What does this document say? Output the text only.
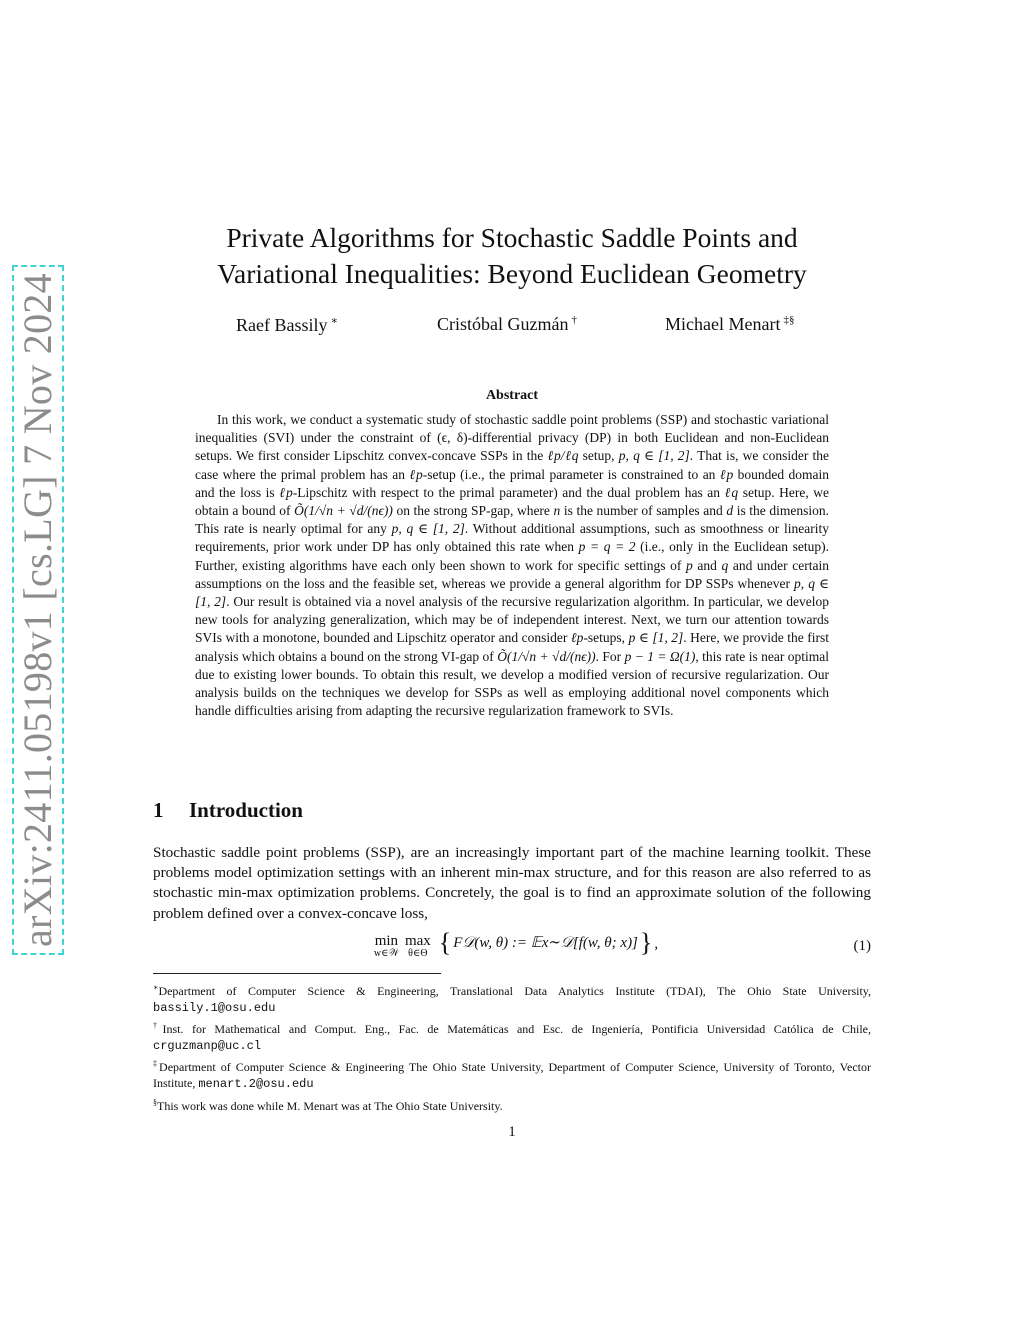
arXiv:2411.05198v1 [cs.LG] 7 Nov 2024
Private Algorithms for Stochastic Saddle Points and
Variational Inequalities: Beyond Euclidean Geometry
Raef Bassily ∗	Cristóbal Guzmán †	Michael Menart ‡§
Abstract

In this work, we conduct a systematic study of stochastic saddle point problems (SSP) and stochastic variational inequalities (SVI) under the constraint of (ϵ, δ)-differential privacy (DP) in both Euclidean and non-Euclidean setups. We first consider Lipschitz convex-concave SSPs in the ℓp/ℓq setup, p, q ∈ [1, 2]. That is, we consider the case where the primal problem has an ℓp-setup (i.e., the primal parameter is constrained to an ℓp bounded domain and the loss is ℓp-Lipschitz with respect to the primal parameter) and the dual problem has an ℓq setup. Here, we obtain a bound of Õ(1/√n + √d/(nϵ)) on the strong SP-gap, where n is the number of samples and d is the dimension. This rate is nearly optimal for any p, q ∈ [1, 2]. Without additional assumptions, such as smoothness or linearity requirements, prior work under DP has only obtained this rate when p = q = 2 (i.e., only in the Euclidean setup). Further, existing algorithms have each only been shown to work for specific settings of p and q and under certain assumptions on the loss and the feasible set, whereas we provide a general algorithm for DP SSPs whenever p, q ∈ [1, 2]. Our result is obtained via a novel analysis of the recursive regularization algorithm. In particular, we develop new tools for analyzing generalization, which may be of independent interest. Next, we turn our attention towards SVIs with a monotone, bounded and Lipschitz operator and consider ℓp-setups, p ∈ [1, 2]. Here, we provide the first analysis which obtains a bound on the strong VI-gap of Õ(1/√n + √d/(nϵ)). For p − 1 = Ω(1), this rate is near optimal due to existing lower bounds. To obtain this result, we develop a modified version of recursive regularization. Our analysis builds on the techniques we develop for SSPs as well as employing additional novel components which handle difficulties arising from adapting the recursive regularization framework to SVIs.

1 Introduction

Stochastic saddle point problems (SSP), are an increasingly important part of the machine learning toolkit. These problems model optimization settings with an inherent min-max structure, and for this reason are also referred to as stochastic min-max optimization problems. Concretely, the goal is to find an approximate solution of the following problem defined over a convex-concave loss,

min
w∈𝒲
max
θ∈Θ { F𝒟(w, θ) := 𝔼x∼𝒟[f(w, θ; x)] } ,	(1)

∗Department of Computer Science & Engineering, Translational Data Analytics Institute (TDAI), The Ohio State University, bassily.1@osu.edu

†Inst. for Mathematical and Comput. Eng., Fac. de Matemáticas and Esc. de Ingeniería, Pontificia Universidad Católica de Chile, crguzmanp@uc.cl

‡Department of Computer Science & Engineering The Ohio State University, Department of Computer Science, University of Toronto, Vector Institute, menart.2@osu.edu

§This work was done while M. Menart was at The Ohio State University.

1
